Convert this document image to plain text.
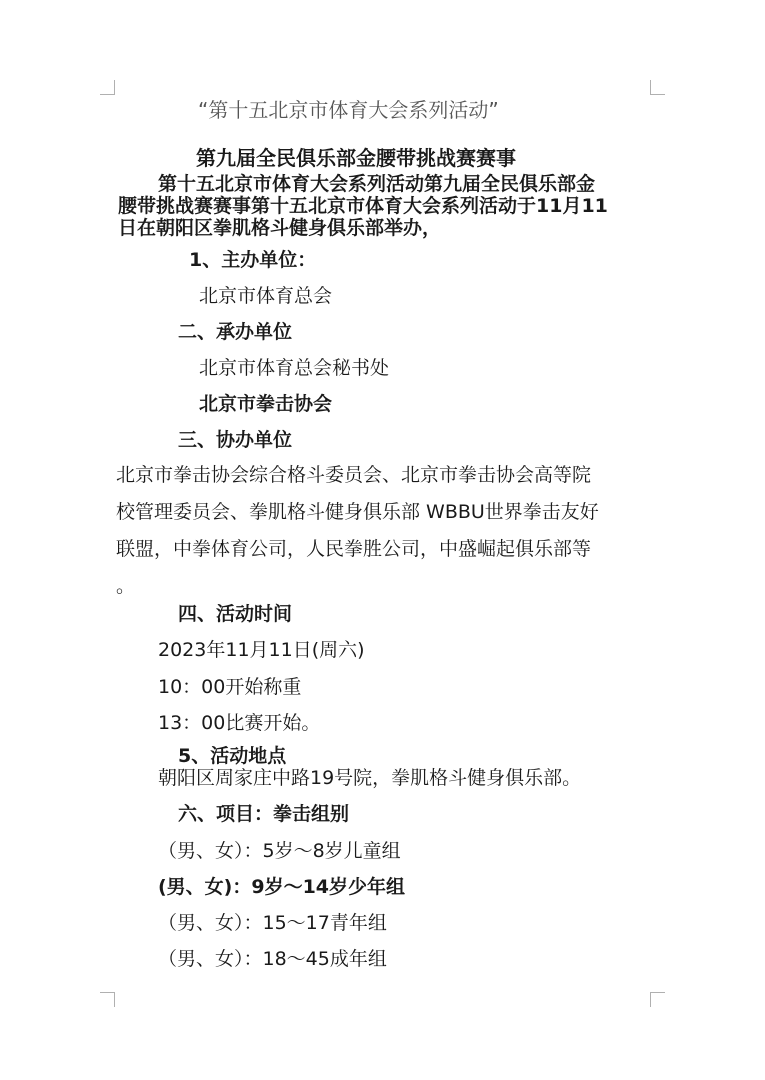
“第十五北京市体育大会系列活动”
第九届全民俱乐部金腰带挑战赛赛事
第十五北京市体育大会系列活动第九届全民俱乐部金
腰带挑战赛赛事第十五北京市体育大会系列活动于11月11
日在朝阳区拳肌格斗健身俱乐部举办，
1、主办单位：
北京市体育总会
二、承办单位
北京市体育总会秘书处
北京市拳击协会
三、协办单位
北京市拳击协会综合格斗委员会、北京市拳击协会高等院
校管理委员会、拳肌格斗健身俱乐部 WBBU世界拳击友好
联盟，中拳体育公司，人民拳胜公司，中盛崛起俱乐部等
。
四、活动时间
2023年11月11日(周六)
10：00开始称重
13：00比赛开始。
5、活动地点
朝阳区周家庄中路19号院，拳肌格斗健身俱乐部。
六、项目：拳击组别
（男、女）：5岁～8岁儿童组
(男、女)：9岁～14岁少年组
（男、女）：15～17青年组
（男、女）：18～45成年组
